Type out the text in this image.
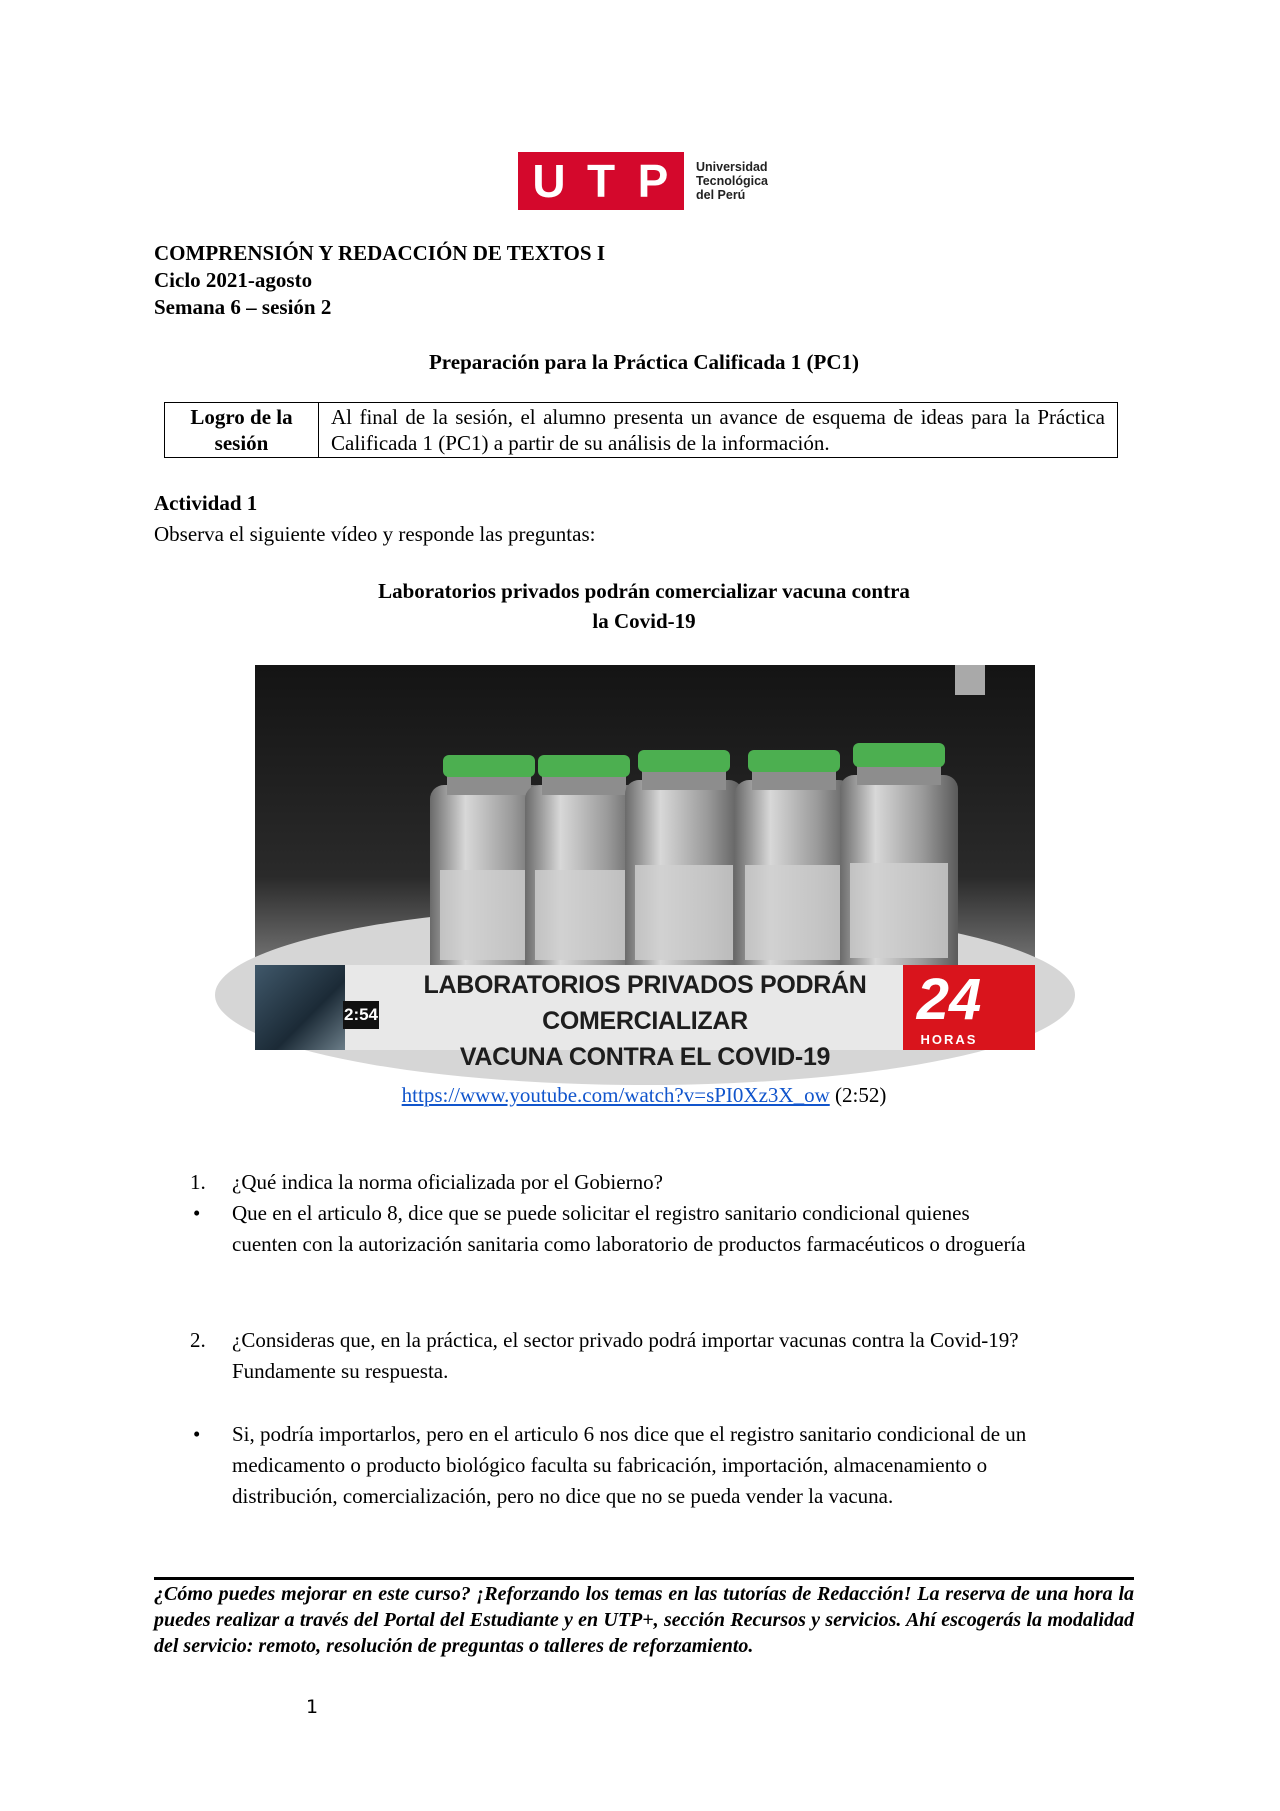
U T P	Universidad
Tecnológica
del Perú
COMPRENSIÓN Y REDACCIÓN DE TEXTOS I
Ciclo 2021-agosto
Semana 6 – sesión 2
Preparación para la Práctica Calificada 1 (PC1)
Logro de la
sesión
Al final de la sesión, el alumno presenta un avance de esquema de ideas para la Práctica Calificada 1 (PC1) a partir de su análisis de la información.
Actividad 1
Observa el siguiente vídeo y responde las preguntas:
Laboratorios privados podrán comercializar vacuna contra
la Covid-19
LABORATORIOS PRIVADOS PODRÁN COMERCIALIZAR
VACUNA CONTRA EL COVID-19
2:54	24
HORAS
https://www.youtube.com/watch?v=sPI0Xz3X_ow (2:52)
1. ¿Qué indica la norma oficializada por el Gobierno?
• Que en el articulo 8, dice que se puede solicitar el registro sanitario condicional quienes
cuenten con la autorización sanitaria como laboratorio de productos farmacéuticos o droguería
2. ¿Consideras que, en la práctica, el sector privado podrá importar vacunas contra la Covid-19?
Fundamente su respuesta.
• Si, podría importarlos, pero en el articulo 6 nos dice que el registro sanitario condicional de un
medicamento o producto biológico faculta su fabricación, importación, almacenamiento o
distribución, comercialización, pero no dice que no se pueda vender la vacuna.
¿Cómo puedes mejorar en este curso? ¡Reforzando los temas en las tutorías de Redacción! La reserva de una hora la puedes realizar a través del Portal del Estudiante y en UTP+, sección Recursos y servicios. Ahí escogerás la modalidad del servicio: remoto, resolución de preguntas o talleres de reforzamiento.
1
